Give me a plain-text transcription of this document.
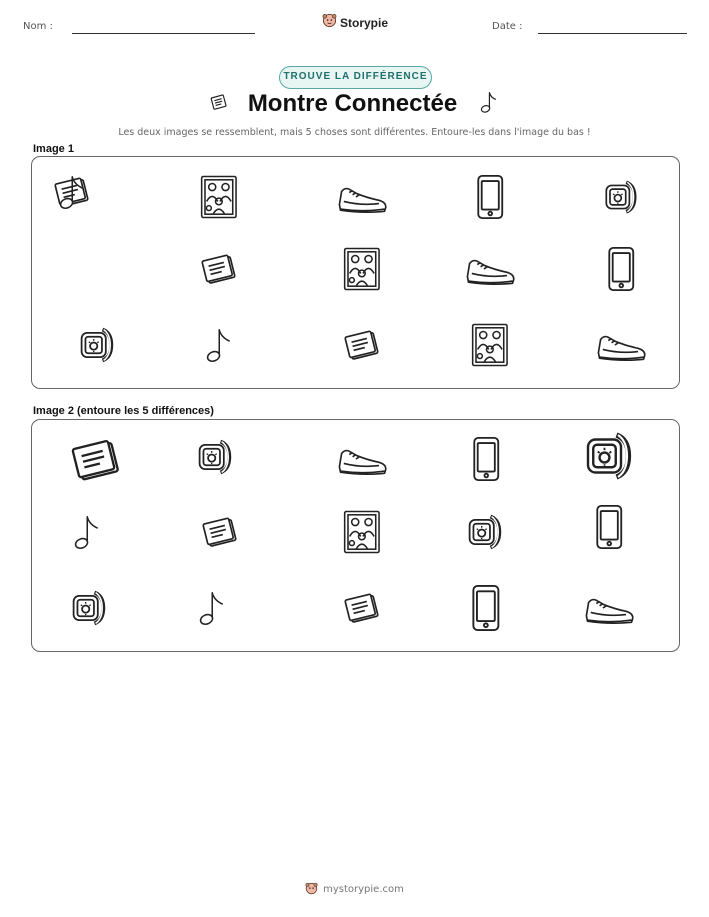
Nom :	Storypie	Date :
TROUVE LA DIFFÉRENCE
Montre Connectée
Les deux images se ressemblent, mais 5 choses sont différentes. Entoure-les dans l'image du bas !
Image 1
Image 2 (entoure les 5 différences)
mystorypie.com
